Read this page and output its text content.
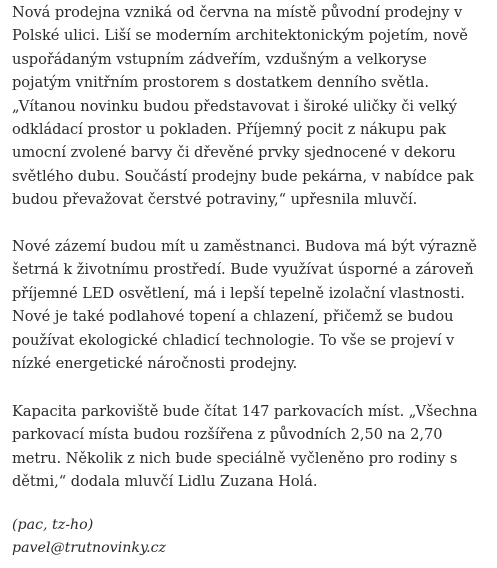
Nová prodejna vzniká od června na místě původní prodejny v Polské ulici. Liší se moderním architektonickým pojetím, nově uspořádaným vstupním zádveřím, vzdušným a velkoryse pojatým vnitřním prostorem s dostatkem denního světla. „Vítanou novinku budou představovat i široké uličky či velký odkládací prostor u pokladen. Příjemný pocit z nákupu pak umocní zvolené barvy či dřevěné prvky sjednocené v dekoru světlého dubu. Součástí prodejny bude pekárna, v nabídce pak budou převažovat čerstvé potraviny,“ upřesnila mluvčí.

Nové zázemí budou mít u zaměstnanci. Budova má být výrazně šetrná k životnímu prostředí. Bude využívat úsporné a zároveň příjemné LED osvětlení, má i lepší tepelně izolační vlastnosti. Nové je také podlahové topení a chlazení, přičemž se budou používat ekologické chladicí technologie. To vše se projeví v nízké energetické náročnosti prodejny.

Kapacita parkoviště bude čítat 147 parkovacích míst. „Všechna parkovací místa budou rozšířena z původních 2,50 na 2,70 metru. Několik z nich bude speciálně vyčleněno pro rodiny s dětmi,“ dodala mluvčí Lidlu Zuzana Holá.

(pac, tz-ho)
pavel@trutnovinky.cz
